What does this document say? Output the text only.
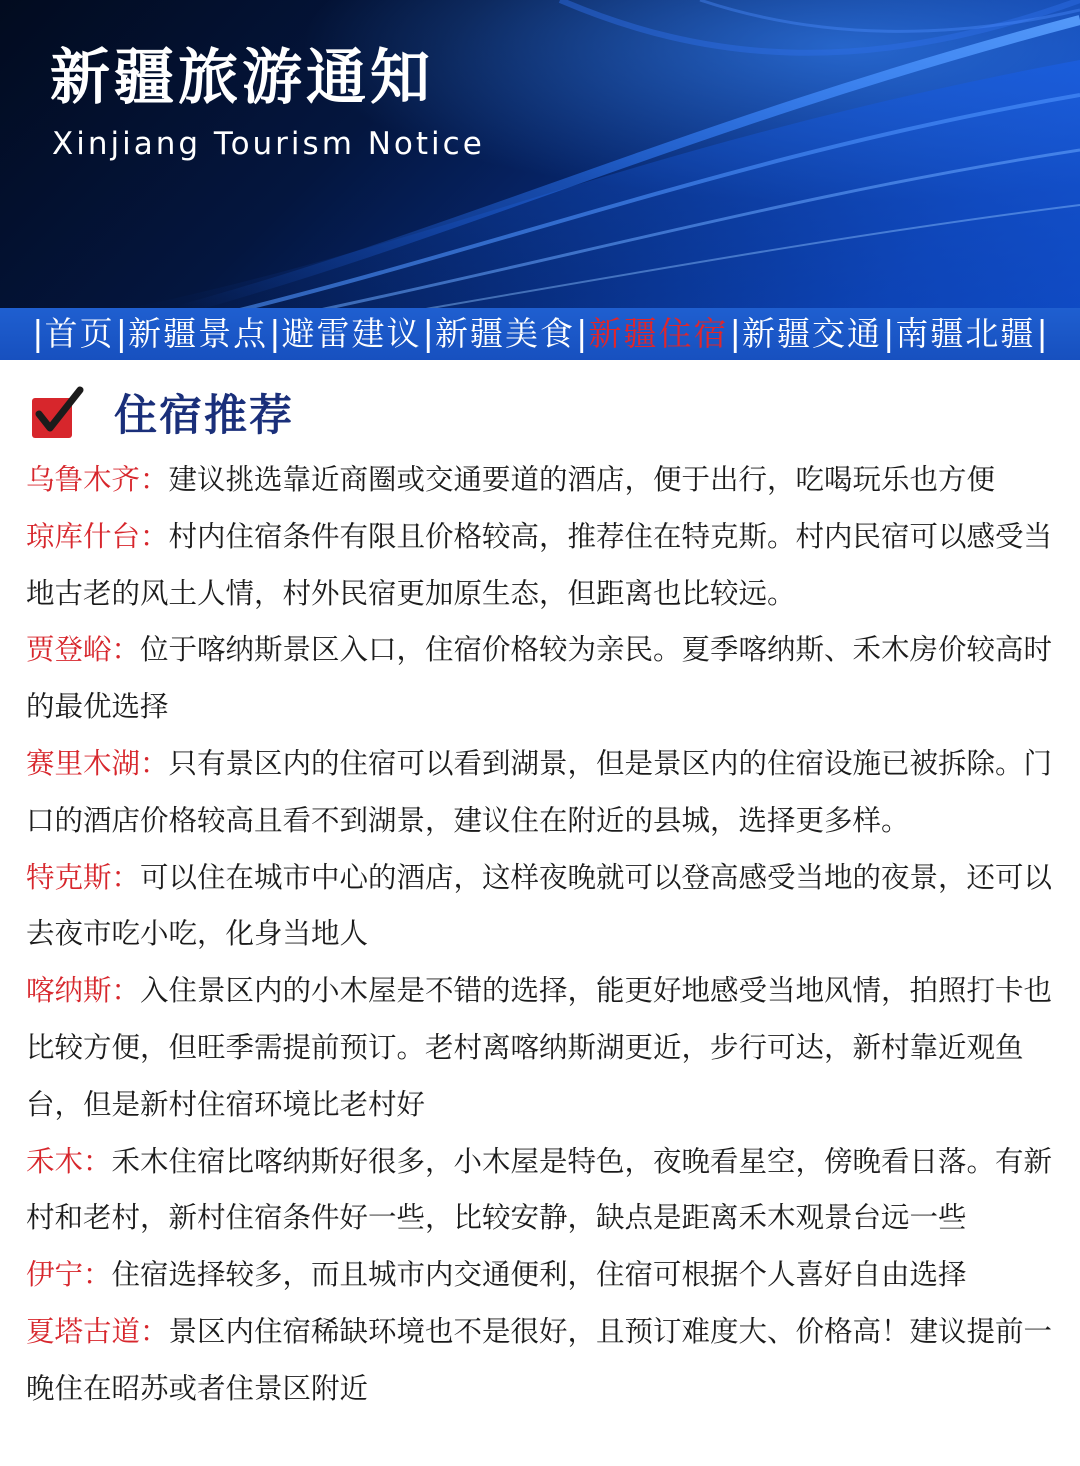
新疆旅游通知
Xinjiang Tourism Notice
| 首页 | 新疆景点 | 避雷建议 | 新疆美食 | 新疆住宿 | 新疆交通 | 南疆北疆 |
住宿推荐

乌鲁木齐：建议挑选靠近商圈或交通要道的酒店，便于出行，吃喝玩乐也方便

琼库什台：村内住宿条件有限且价格较高，推荐住在特克斯。村内民宿可以感受当地古老的风土人情，村外民宿更加原生态，但距离也比较远。

贾登峪：位于喀纳斯景区入口，住宿价格较为亲民。夏季喀纳斯、禾木房价较高时的最优选择

赛里木湖：只有景区内的住宿可以看到湖景，但是景区内的住宿设施已被拆除。门口的酒店价格较高且看不到湖景，建议住在附近的县城，选择更多样。

特克斯：可以住在城市中心的酒店，这样夜晚就可以登高感受当地的夜景，还可以去夜市吃小吃，化身当地人

喀纳斯：入住景区内的小木屋是不错的选择，能更好地感受当地风情，拍照打卡也比较方便，但旺季需提前预订。老村离喀纳斯湖更近，步行可达，新村靠近观鱼台，但是新村住宿环境比老村好

禾木：禾木住宿比喀纳斯好很多，小木屋是特色，夜晚看星空，傍晚看日落。有新村和老村，新村住宿条件好一些，比较安静，缺点是距离禾木观景台远一些

伊宁：住宿选择较多，而且城市内交通便利，住宿可根据个人喜好自由选择

夏塔古道：景区内住宿稀缺环境也不是很好，且预订难度大、价格高！建议提前一晚住在昭苏或者住景区附近
